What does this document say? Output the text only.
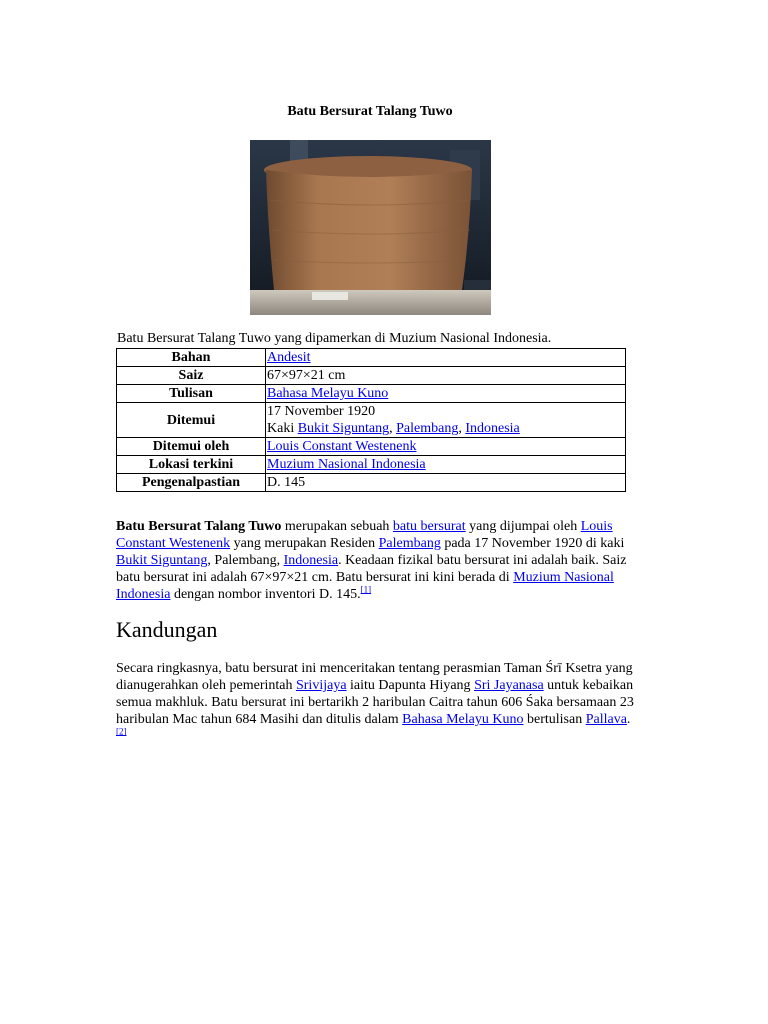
Batu Bersurat Talang Tuwo
Batu Bersurat Talang Tuwo yang dipamerkan di Muzium Nasional Indonesia.
Bahan	Andesit
Saiz	67×97×21 cm
Tulisan	Bahasa Melayu Kuno
Ditemui	17 November 1920
Kaki Bukit Siguntang, Palembang, Indonesia
Ditemui oleh	Louis Constant Westenenk
Lokasi terkini	Muzium Nasional Indonesia
Pengenalpastian	D. 145

Batu Bersurat Talang Tuwo merupakan sebuah batu bersurat yang dijumpai oleh Louis Constant Westenenk yang merupakan Residen Palembang pada 17 November 1920 di kaki Bukit Siguntang, Palembang, Indonesia. Keadaan fizikal batu bersurat ini adalah baik. Saiz batu bersurat ini adalah 67×97×21 cm. Batu bersurat ini kini berada di Muzium Nasional Indonesia dengan nombor inventori D. 145.[1]

Kandungan

Secara ringkasnya, batu bersurat ini menceritakan tentang perasmian Taman Śrī Ksetra yang dianugerahkan oleh pemerintah Srivijaya iaitu Dapunta Hiyang Sri Jayanasa untuk kebaikan semua makhluk. Batu bersurat ini bertarikh 2 haribulan Caitra tahun 606 Śaka bersamaan 23 haribulan Mac tahun 684 Masihi dan ditulis dalam Bahasa Melayu Kuno bertulisan Pallava.[2]
